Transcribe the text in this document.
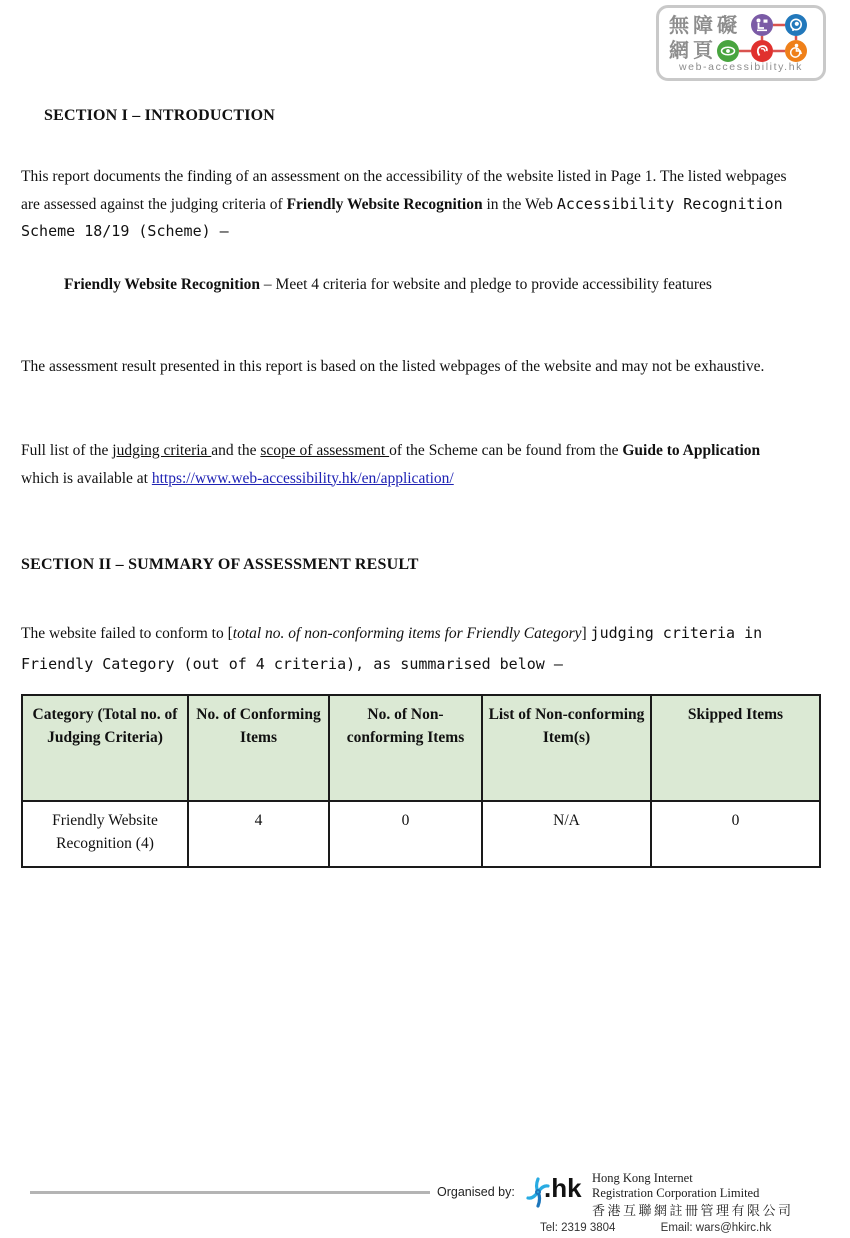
無障礙
網頁
web-accessibility.hk
SECTION I – INTRODUCTION
This report documents the finding of an assessment on the accessibility of the website listed in Page 1. The listed webpages are assessed against the judging criteria of Friendly Website Recognition in the Web Accessibility Recognition Scheme 18/19 (Scheme) –
Friendly Website Recognition – Meet 4 criteria for website and pledge to provide accessibility features
The assessment result presented in this report is based on the listed webpages of the website and may not be exhaustive.
Full list of the judging criteria and the scope of assessment of the Scheme can be found from the Guide to Application which is available at https://www.web-accessibility.hk/en/application/
SECTION II – SUMMARY OF ASSESSMENT RESULT
The website failed to conform to [total no. of non-conforming items for Friendly Category] judging criteria in Friendly Category (out of 4 criteria), as summarised below –
Category (Total no. of Judging Criteria)	No. of Conforming Items	No. of Non-conforming Items	List of Non-conforming Item(s)	Skipped Items
Friendly Website Recognition (4)	4	0	N/A	0
Organised by: .hk Hong Kong Internet
Registration Corporation Limited
香港互聯網註冊管理有限公司
Tel: 2319 3804	Email: wars@hkirc.hk
